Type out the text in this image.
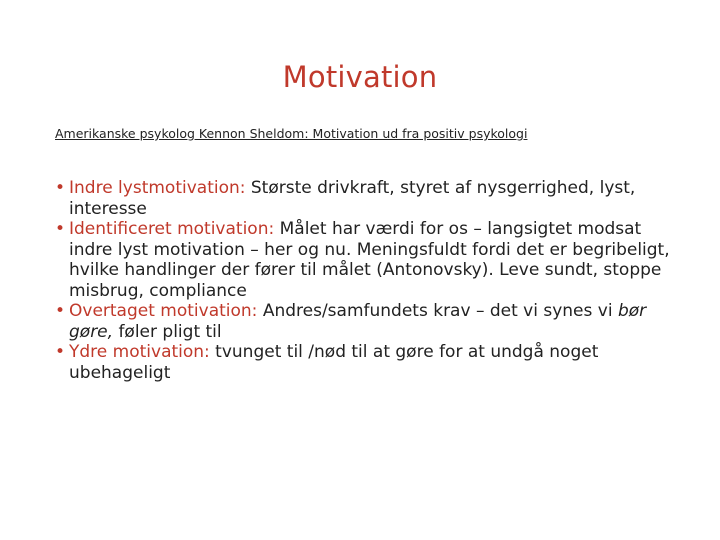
Motivation
Amerikanske psykolog Kennon Sheldom: Motivation ud fra positiv psykologi
• Indre lystmotivation: Største drivkraft, styret af nysgerrighed, lyst, interesse
• Identificeret motivation: Målet har værdi for os – langsigtet modsat indre lyst motivation – her og nu. Meningsfuldt fordi det er begribeligt, hvilke handlinger der fører til målet (Antonovsky). Leve sundt, stoppe misbrug, compliance
• Overtaget motivation: Andres/samfundets krav – det vi synes vi bør gøre, føler pligt til
• Ydre motivation: tvunget til /nød til at gøre for at undgå noget ubehageligt
